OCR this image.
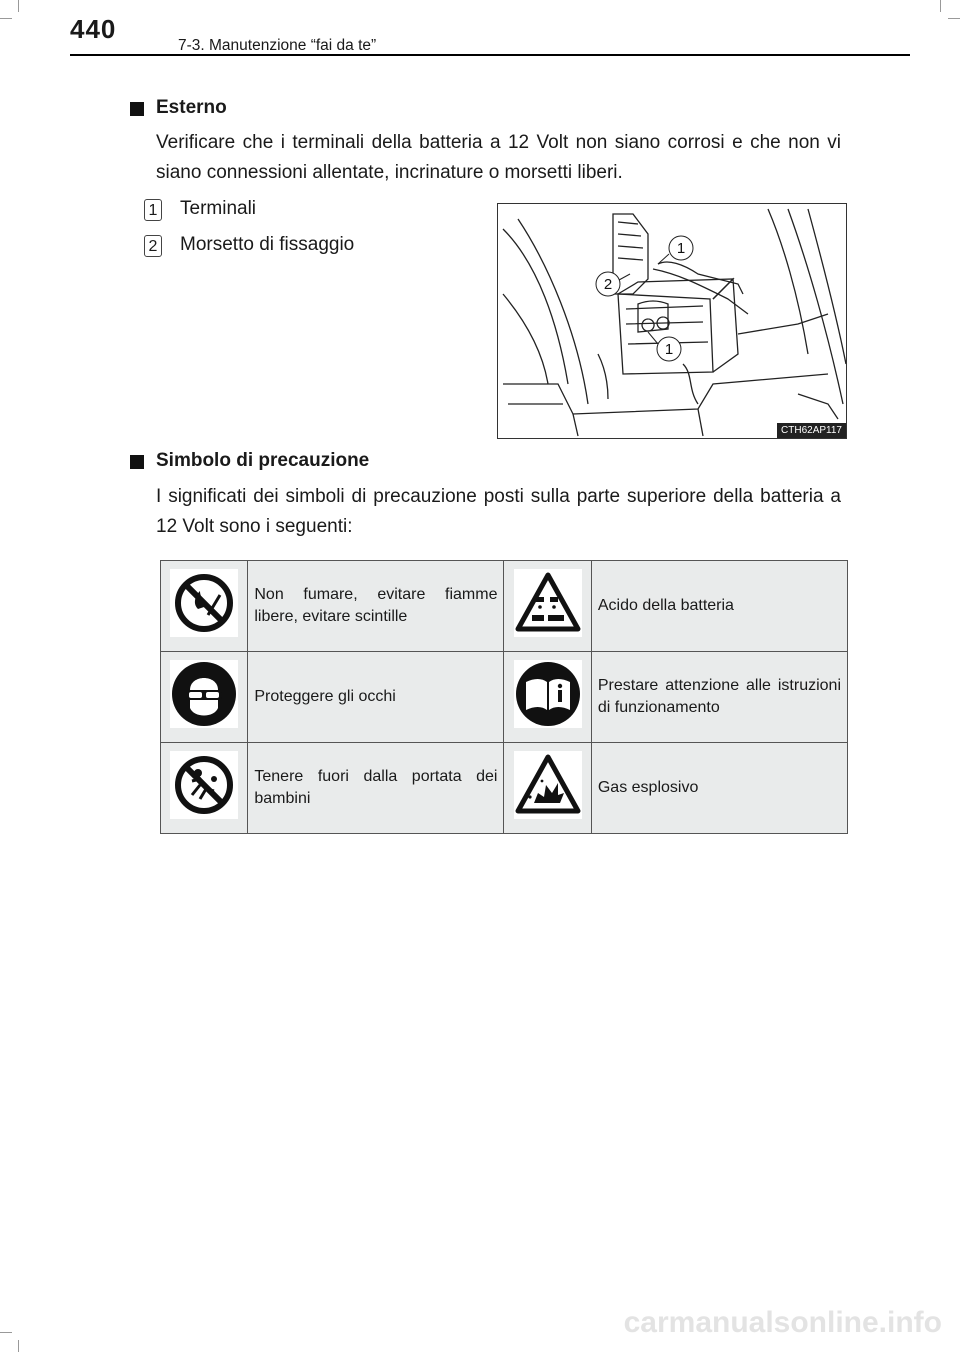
440
7-3. Manutenzione “fai da te”
Esterno
Verificare che i terminali della batteria a 12 Volt non siano corrosi e che non vi siano connessioni allentate, incrinature o morsetti liberi.
1 Terminali
2 Morsetto di fissaggio	1
2
1
CTH62AP117
Simbolo di precauzione
I significati dei simboli di precauzione posti sulla parte superiore della batteria a 12 Volt sono i seguenti:
	Non fumare, evitare fiamme libere, evitare scintille		Acido della batteria
	Proteggere gli occhi		Prestare attenzione alle istruzioni di funzionamento
	Tenere fuori dalla portata dei bambini		Gas esplosivo
carmanualsonline.info
